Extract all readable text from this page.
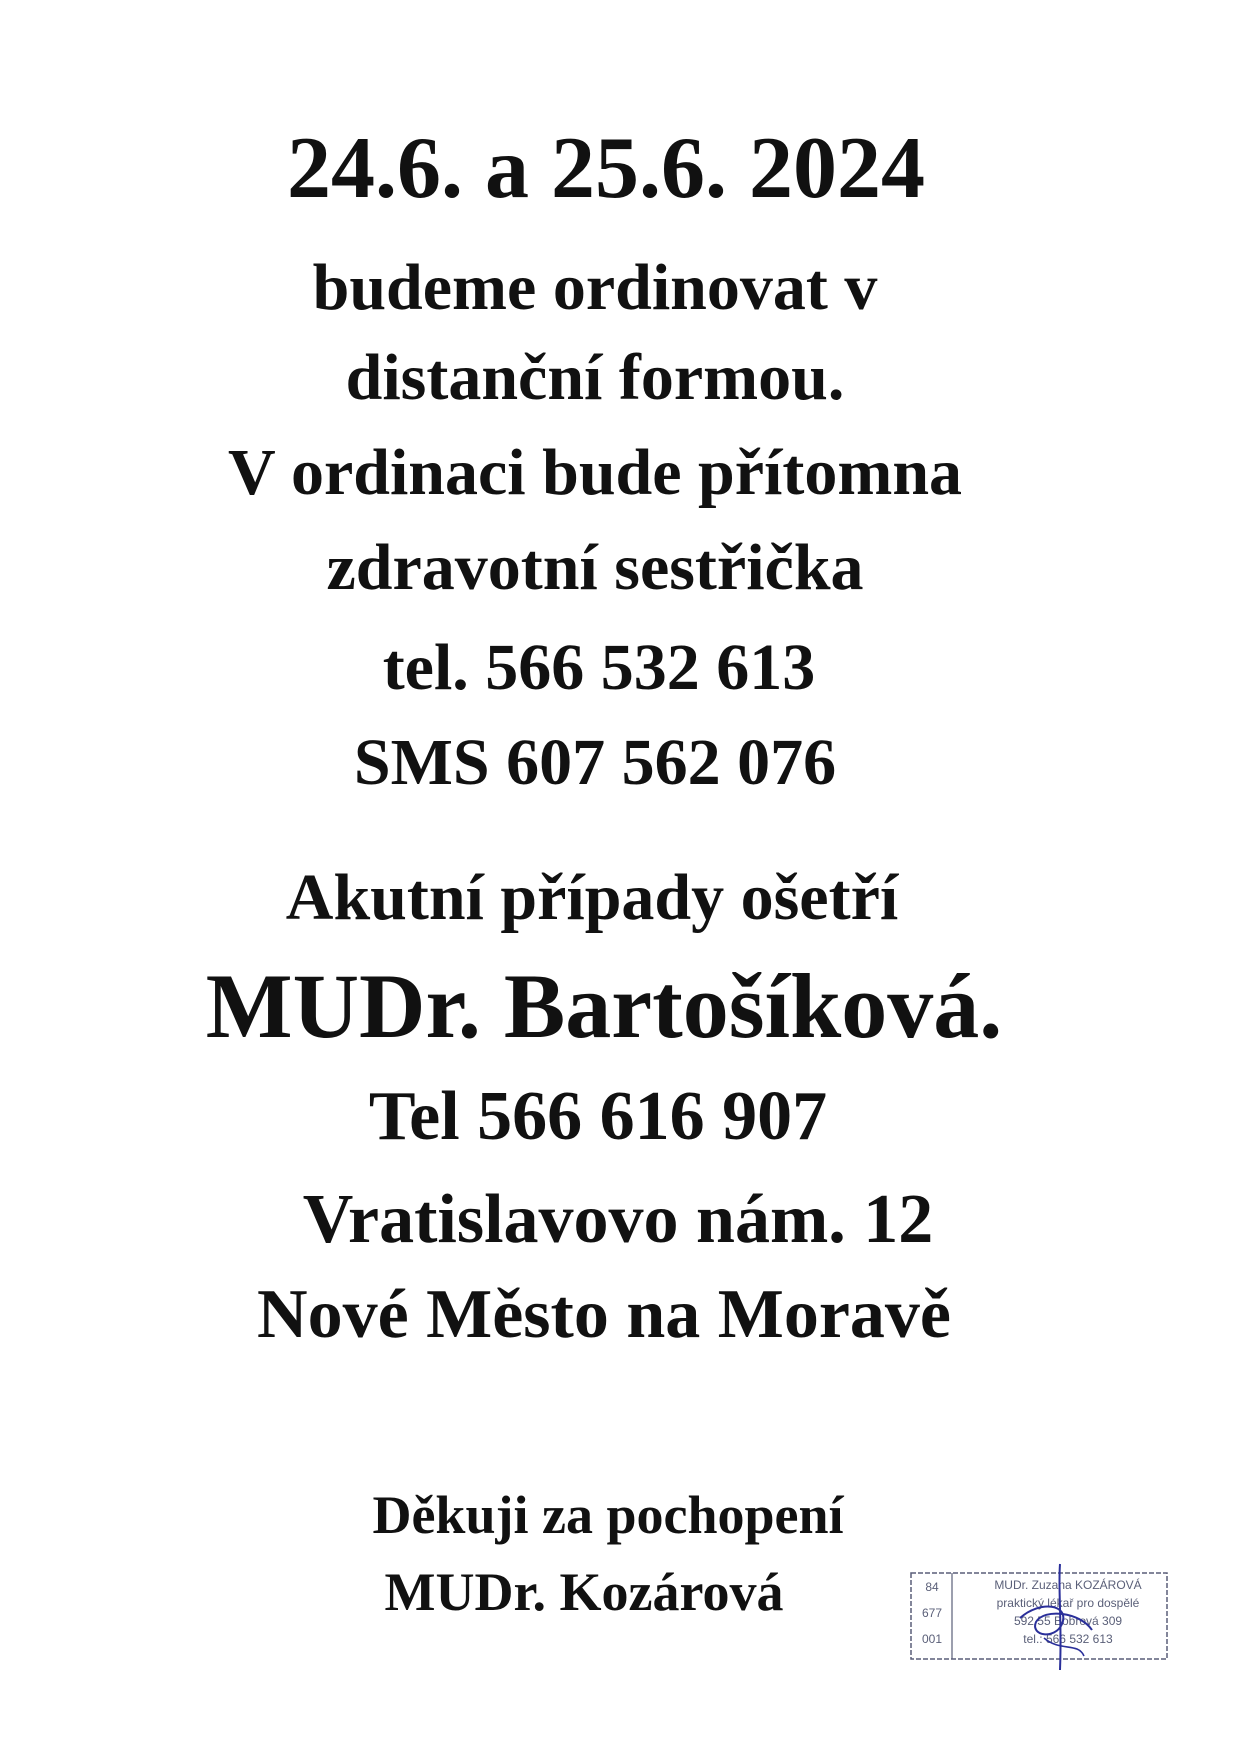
24.6. a 25.6. 2024
budeme ordinovat v
distanční formou.
V ordinaci bude přítomna
zdravotní sestřička
tel. 566 532 613
SMS 607 562 076
Akutní případy ošetří
MUDr. Bartošíková.
Tel 566 616 907
Vratislavovo nám. 12
Nové Město na Moravě
Děkuji za pochopení
MUDr. Kozárová	84
677
001
MUDr. Zuzana KOZÁROVÁ
praktický lékař pro dospělé
592 55 Bobrová 309
tel.: 566 532 613
